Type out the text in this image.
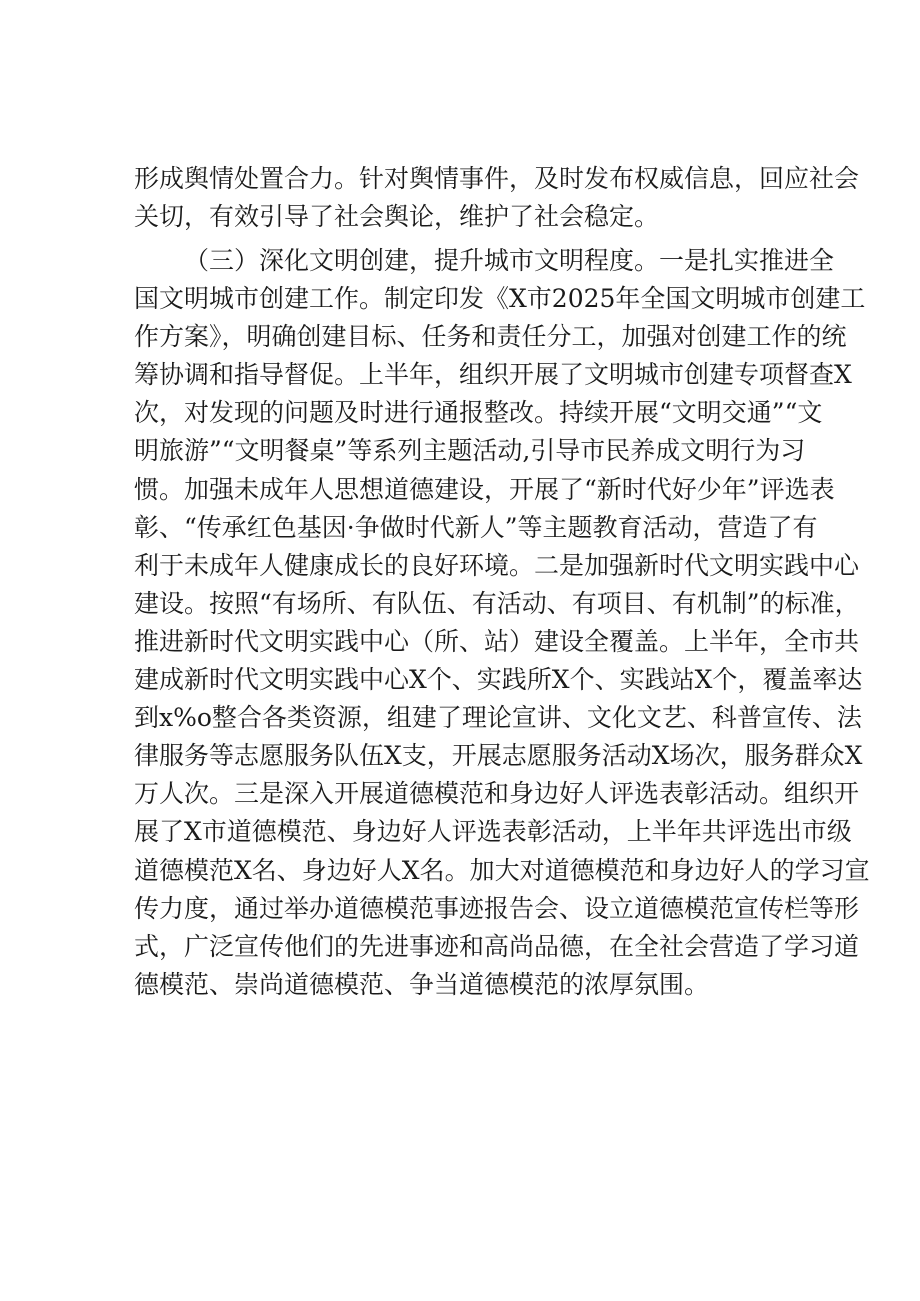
形成舆情处置合力。针对舆情事件，及时发布权威信息，回应社会
关切，有效引导了社会舆论，维护了社会稳定。
（三）深化文明创建，提升城市文明程度。一是扎实推进全
国文明城市创建工作。制定印发《X市2025年全国文明城市创建工
作方案》，明确创建目标、任务和责任分工，加强对创建工作的统
筹协调和指导督促。上半年，组织开展了文明城市创建专项督查X
次，对发现的问题及时进行通报整改。持续开展“文明交通”“文
明旅游”“文明餐桌”等系列主题活动,引导市民养成文明行为习
惯。加强未成年人思想道德建设，开展了“新时代好少年”评选表
彰、“传承红色基因·争做时代新人”等主题教育活动，营造了有
利于未成年人健康成长的良好环境。二是加强新时代文明实践中心
建设。按照“有场所、有队伍、有活动、有项目、有机制”的标准，
推进新时代文明实践中心（所、站）建设全覆盖。上半年，全市共
建成新时代文明实践中心X个、实践所X个、实践站X个，覆盖率达
到x%o整合各类资源，组建了理论宣讲、文化文艺、科普宣传、法
律服务等志愿服务队伍X支，开展志愿服务活动X场次，服务群众X
万人次。三是深入开展道德模范和身边好人评选表彰活动。组织开
展了X市道德模范、身边好人评选表彰活动，上半年共评选出市级
道德模范X名、身边好人X名。加大对道德模范和身边好人的学习宣
传力度，通过举办道德模范事迹报告会、设立道德模范宣传栏等形
式，广泛宣传他们的先进事迹和高尚品德，在全社会营造了学习道
德模范、崇尚道德模范、争当道德模范的浓厚氛围。
